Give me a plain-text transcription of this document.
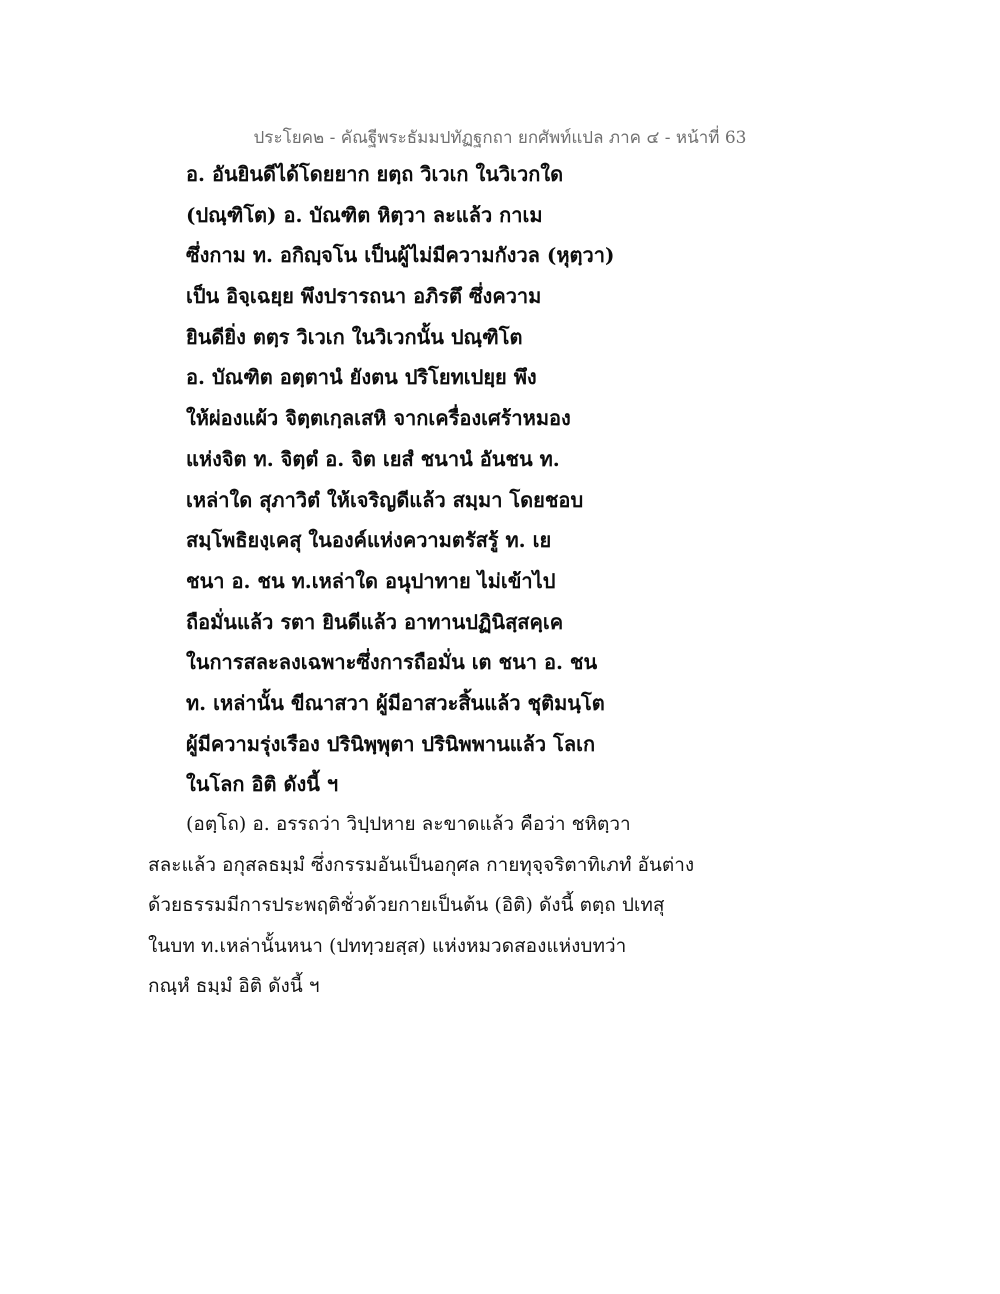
ประโยค๒ - คัณฐีพระธัมมปทัฏฐกถา ยกศัพท์แปล ภาค ๔ - หน้าที่ 63
อ. อันยินดีได้โดยยาก ยตฺถ วิเวเก ในวิเวกใด
(ปณฺฑิโต) อ. บัณฑิต หิตฺวา ละแล้ว กาเม
ซึ่งกาม ท. อกิญฺจโน เป็นผู้ไม่มีความกังวล (หุตฺวา)
เป็น อิจฺเฉยฺย พึงปรารถนา อภิรตึ ซึ่งความ
ยินดียิ่ง ตตฺร วิเวเก ในวิเวกนั้น ปณฺฑิโต
อ. บัณฑิต อตฺตานํ ยังตน ปริโยทเปยฺย พึง
ให้ผ่องแผ้ว จิตฺตเกฺลเสหิ จากเครื่องเศร้าหมอง
แห่งจิต ท. จิตฺตํ อ. จิต เยสํ ชนานํ อันชน ท.
เหล่าใด สุภาวิตํ ให้เจริญดีแล้ว สมฺมา โดยชอบ
สมฺโพธิยงฺเคสุ ในองค์แห่งความตรัสรู้ ท. เย
ชนา อ. ชน ท.เหล่าใด อนุปาทาย ไม่เข้าไป
ถือมั่นแล้ว รตา ยินดีแล้ว อาทานปฏินิสฺสคฺเค
ในการสละลงเฉพาะซึ่งการถือมั่น เต ชนา อ. ชน
ท. เหล่านั้น ขีณาสวา ผู้มีอาสวะสิ้นแล้ว ชุติมนฺโต
ผู้มีความรุ่งเรือง ปรินิพฺพุตา ปรินิพพานแล้ว โลเก
ในโลก อิติ ดังนี้ ฯ
(อตฺโถ) อ. อรรถว่า วิปฺปหาย ละขาดแล้ว คือว่า ชหิตฺวา
สละแล้ว อกุสลธมฺมํ ซึ่งกรรมอันเป็นอกุศล กายทุจฺจริตาทิเภทํ อันต่าง
ด้วยธรรมมีการประพฤติชั่วด้วยกายเป็นต้น (อิติ) ดังนี้ ตตฺถ ปเทสุ
ในบท ท.เหล่านั้นหนา (ปททฺวยสฺส) แห่งหมวดสองแห่งบทว่า
กณฺหํ ธมฺมํ อิติ ดังนี้ ฯ
